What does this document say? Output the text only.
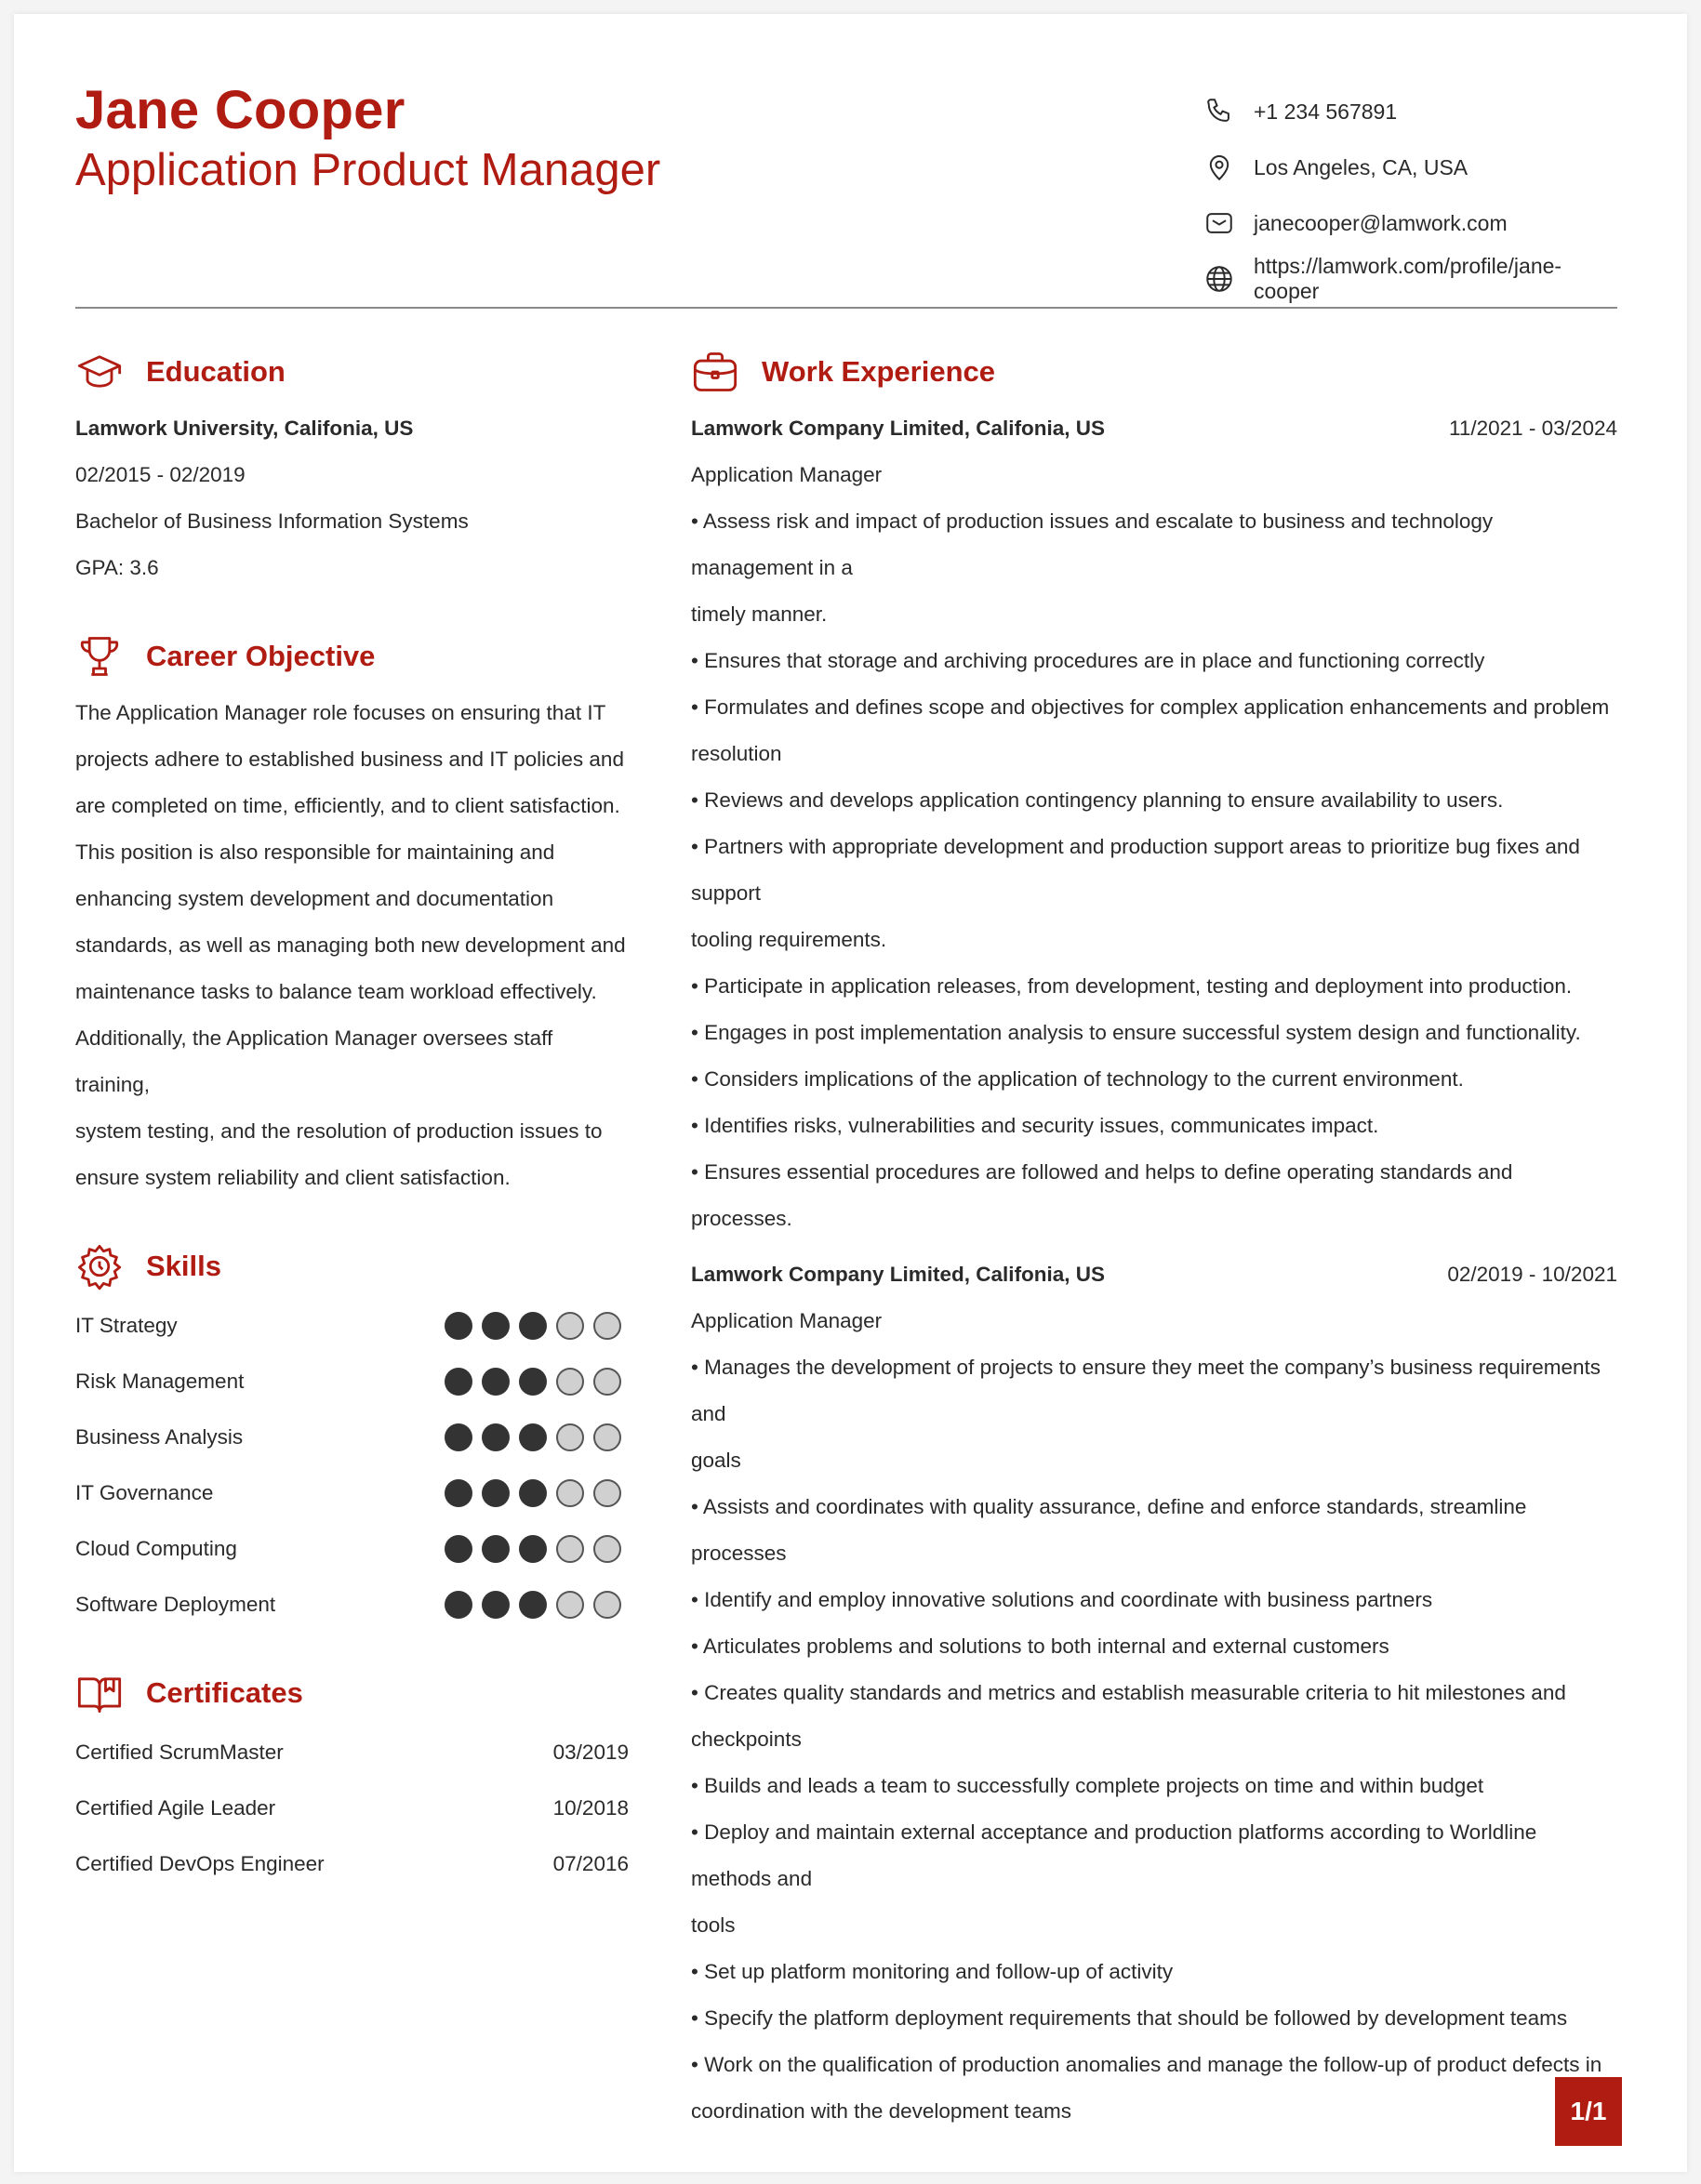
Jane Cooper
Application Product Manager
+1 234 567891
Los Angeles, CA, USA
janecooper@lamwork.com
https://lamwork.com/profile/jane-cooper
Education
Lamwork University, Califonia, US
02/2015 - 02/2019
Bachelor of Business Information Systems
GPA: 3.6
Career Objective

The Application Manager role focuses on ensuring that IT

projects adhere to established business and IT policies and

are completed on time, efficiently, and to client satisfaction.

This position is also responsible for maintaining and

enhancing system development and documentation

standards, as well as managing both new development and

maintenance tasks to balance team workload effectively.

Additionally, the Application Manager oversees staff training,

system testing, and the resolution of production issues to

ensure system reliability and client satisfaction.

Skills
IT Strategy
Risk Management
Business Analysis
IT Governance
Cloud Computing
Software Deployment
Certificates
Certified ScrumMaster	03/2019
Certified Agile Leader	10/2018
Certified DevOps Engineer	07/2016
Work Experience
Lamwork Company Limited, Califonia, US	11/2021 - 03/2024
Application Manager
• Assess risk and impact of production issues and escalate to business and technology management in a
timely manner.
• Ensures that storage and archiving procedures are in place and functioning correctly
• Formulates and defines scope and objectives for complex application enhancements and problem
resolution
• Reviews and develops application contingency planning to ensure availability to users.
• Partners with appropriate development and production support areas to prioritize bug fixes and support
tooling requirements.
• Participate in application releases, from development, testing and deployment into production.
• Engages in post implementation analysis to ensure successful system design and functionality.
• Considers implications of the application of technology to the current environment.
• Identifies risks, vulnerabilities and security issues, communicates impact.
• Ensures essential procedures are followed and helps to define operating standards and processes.
Lamwork Company Limited, Califonia, US	02/2019 - 10/2021
Application Manager
• Manages the development of projects to ensure they meet the company’s business requirements and
goals
• Assists and coordinates with quality assurance, define and enforce standards, streamline processes
• Identify and employ innovative solutions and coordinate with business partners
• Articulates problems and solutions to both internal and external customers
• Creates quality standards and metrics and establish measurable criteria to hit milestones and
checkpoints
• Builds and leads a team to successfully complete projects on time and within budget
• Deploy and maintain external acceptance and production platforms according to Worldline methods and
tools
• Set up platform monitoring and follow-up of activity
• Specify the platform deployment requirements that should be followed by development teams
• Work on the qualification of production anomalies and manage the follow-up of product defects in
coordination with the development teams	1/1
